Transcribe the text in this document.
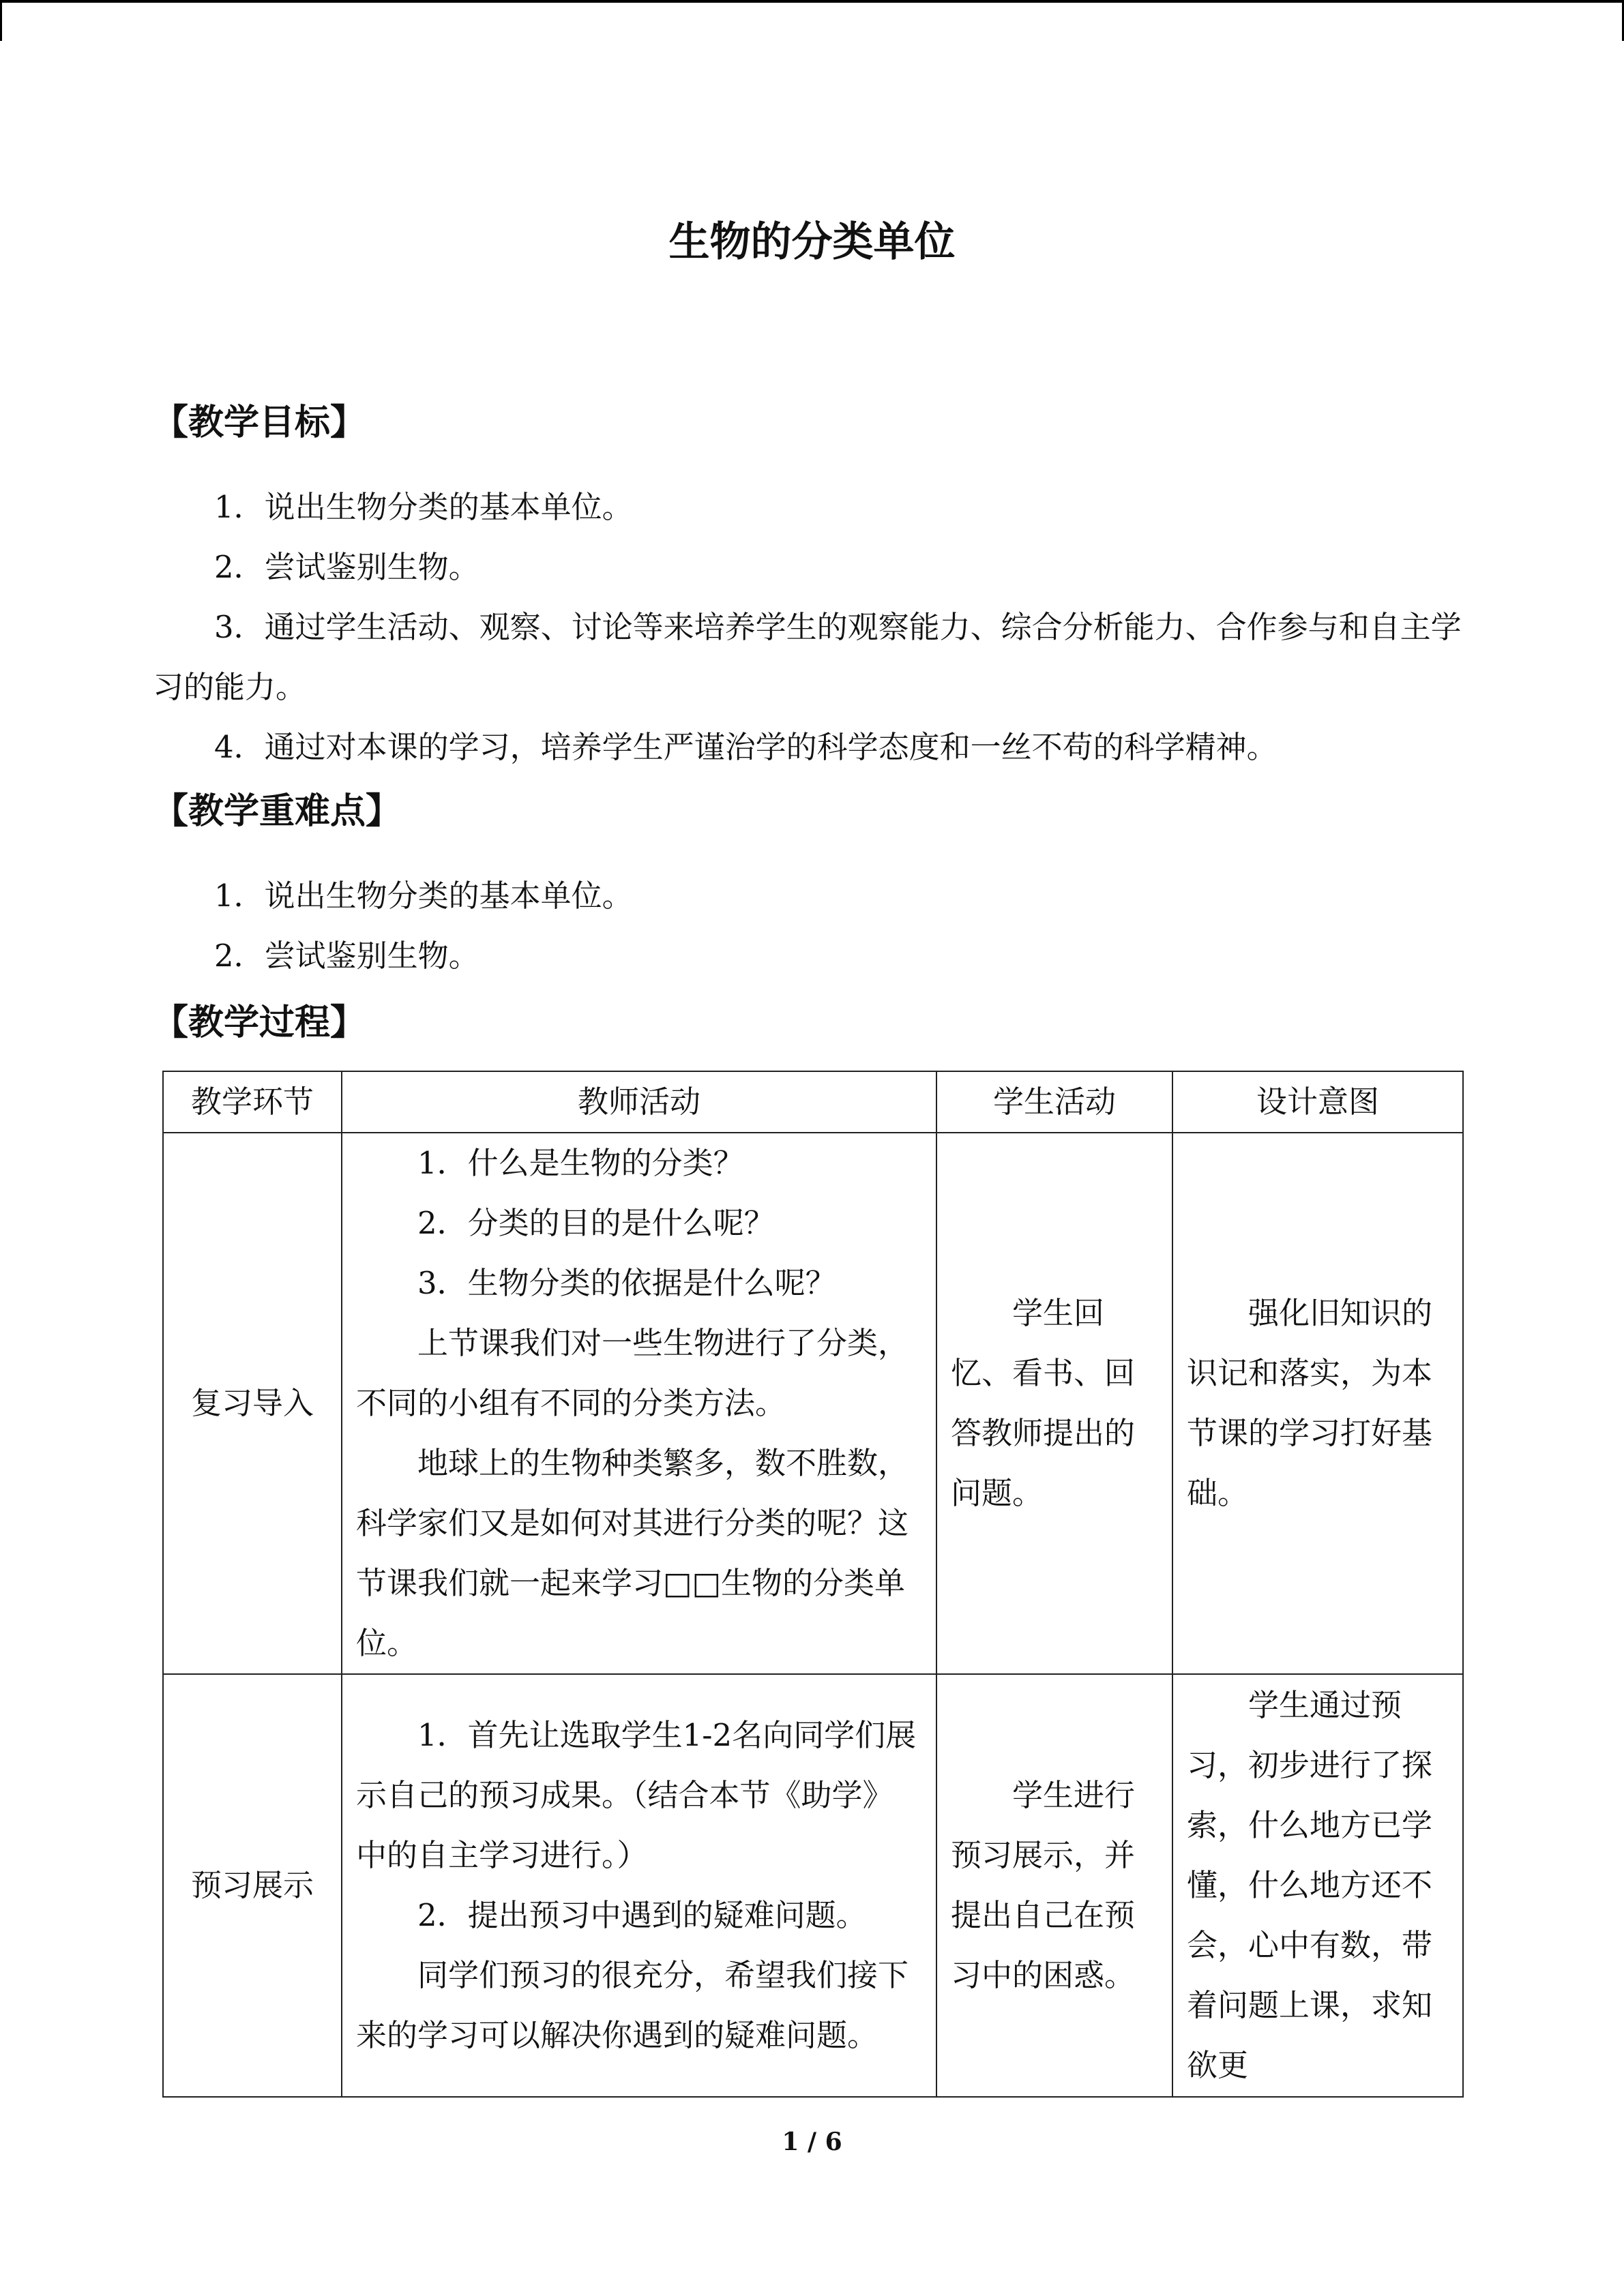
生物的分类单位
【教学目标】

1．说出生物分类的基本单位。

2．尝试鉴别生物。

3．通过学生活动、观察、讨论等来培养学生的观察能力、综合分析能力、合作参与和自主学习的能力。

4．通过对本课的学习，培养学生严谨治学的科学态度和一丝不苟的科学精神。

【教学重难点】

1．说出生物分类的基本单位。

2．尝试鉴别生物。

【教学过程】
教学环节	教师活动	学生活动	设计意图
复习导入	1．什么是生物的分类？

2．分类的目的是什么呢？

3．生物分类的依据是什么呢？

上节课我们对一些生物进行了分类，不同的小组有不同的分类方法。

地球上的生物种类繁多，数不胜数，科学家们又是如何对其进行分类的呢？这节课我们就一起来学习□□生物的分类单位。	学生回忆、看书、回答教师提出的问题。	强化旧知识的识记和落实，为本节课的学习打好基础。

预习展示	1．首先让选取学生1-2名向同学们展示自己的预习成果。（结合本节《助学》中的自主学习进行。）

2．提出预习中遇到的疑难问题。

同学们预习的很充分，希望我们接下来的学习可以解决你遇到的疑难问题。	学生进行预习展示，并提出自己在预习中的困惑。	学生通过预习，初步进行了探索，什么地方已学懂，什么地方还不会，心中有数，带着问题上课，求知欲更

1 / 6
